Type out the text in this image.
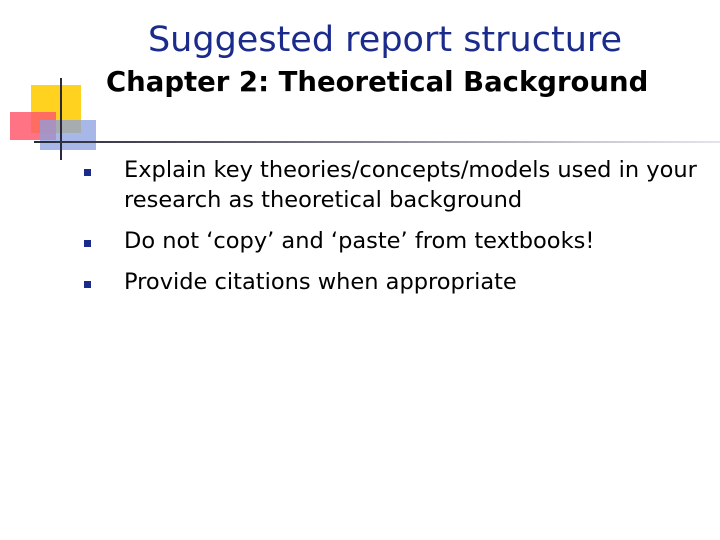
Suggested report structure
Chapter 2: Theoretical Background
Explain key theories/concepts/models used in your research as theoretical background
Do not ‘copy’ and ‘paste’ from textbooks!
Provide citations when appropriate
